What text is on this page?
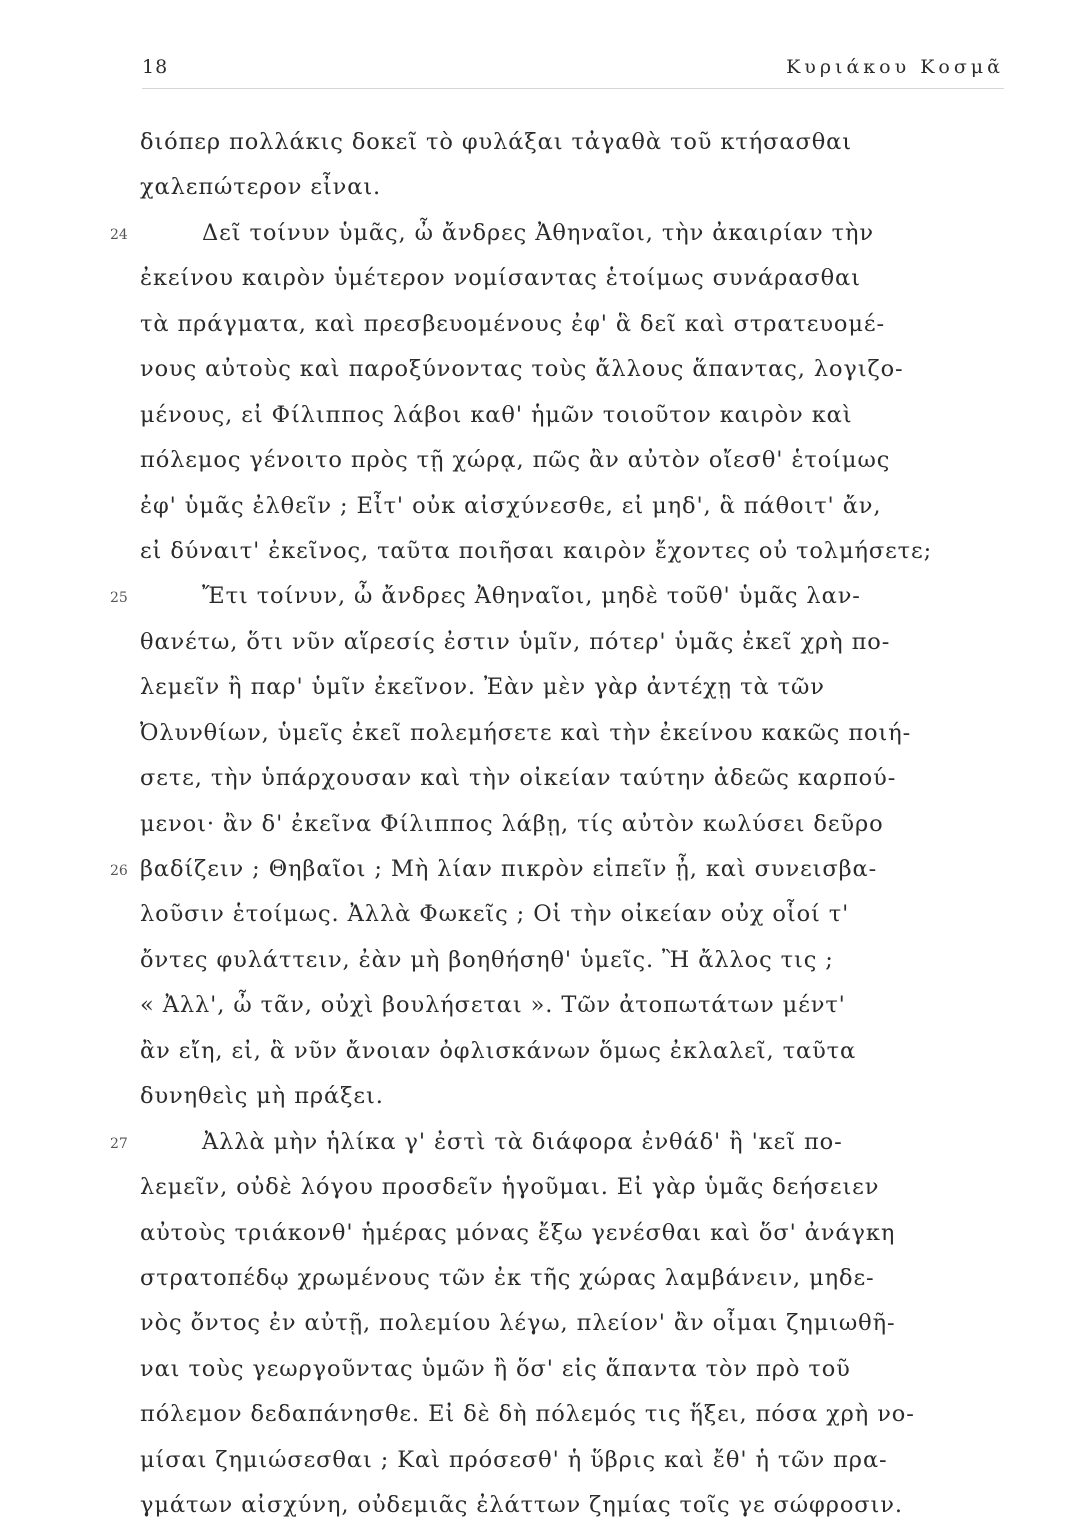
18	Κυριάκου Κοσμᾶ
διόπερ πολλάκις δοκεῖ τὸ φυλάξαι τἀγαθὰ τοῦ κτήσασθαι
χαλεπώτερον εἶναι.
24	Δεῖ τοίνυν ὑμᾶς, ὦ ἄνδρες Ἀθηναῖοι, τὴν ἀκαιρίαν τὴν
ἐκείνου καιρὸν ὑμέτερον νομίσαντας ἑτοίμως συνάρασθαι
τὰ πράγματα, καὶ πρεσβευομένους ἐφ' ἃ δεῖ καὶ στρατευομέ-
νους αὐτοὺς καὶ παροξύνοντας τοὺς ἄλλους ἅπαντας, λογιζο-
μένους, εἰ Φίλιππος λάβοι καθ' ἡμῶν τοιοῦτον καιρὸν καὶ
πόλεμος γένοιτο πρὸς τῇ χώρᾳ, πῶς ἂν αὐτὸν οἴεσθ' ἑτοίμως
ἐφ' ὑμᾶς ἐλθεῖν ; Εἶτ' οὐκ αἰσχύνεσθε, εἰ μηδ', ἃ πάθοιτ' ἄν,
εἰ δύναιτ' ἐκεῖνος, ταῦτα ποιῆσαι καιρὸν ἔχοντες οὐ τολμήσετε;
25	Ἔτι τοίνυν, ὦ ἄνδρες Ἀθηναῖοι, μηδὲ τοῦθ' ὑμᾶς λαν-
θανέτω, ὅτι νῦν αἵρεσίς ἐστιν ὑμῖν, πότερ' ὑμᾶς ἐκεῖ χρὴ πο-
λεμεῖν ἢ παρ' ὑμῖν ἐκεῖνον. Ἐὰν μὲν γὰρ ἀντέχῃ τὰ τῶν
Ὀλυνθίων, ὑμεῖς ἐκεῖ πολεμήσετε καὶ τὴν ἐκείνου κακῶς ποιή-
σετε, τὴν ὑπάρχουσαν καὶ τὴν οἰκείαν ταύτην ἀδεῶς καρπού-
μενοι· ἂν δ' ἐκεῖνα Φίλιππος λάβῃ, τίς αὐτὸν κωλύσει δεῦρο
26 βαδίζειν ; Θηβαῖοι ; Μὴ λίαν πικρὸν εἰπεῖν ᾖ, καὶ συνεισβα-
λοῦσιν ἑτοίμως. Ἀλλὰ Φωκεῖς ; Οἱ τὴν οἰκείαν οὐχ οἷοί τ'
ὄντες φυλάττειν, ἐὰν μὴ βοηθήσηθ' ὑμεῖς. Ἢ ἄλλος τις ;
« Ἀλλ', ὦ τᾶν, οὐχὶ βουλήσεται ». Τῶν ἀτοπωτάτων μέντ'
ἂν εἴη, εἰ, ἃ νῦν ἄνοιαν ὀφλισκάνων ὅμως ἐκλαλεῖ, ταῦτα
δυνηθεὶς μὴ πράξει.
27	Ἀλλὰ μὴν ἡλίκα γ' ἐστὶ τὰ διάφορα ἐνθάδ' ἢ 'κεῖ πο-
λεμεῖν, οὐδὲ λόγου προσδεῖν ἡγοῦμαι. Εἰ γὰρ ὑμᾶς δεήσειεν
αὐτοὺς τριάκονθ' ἡμέρας μόνας ἔξω γενέσθαι καὶ ὅσ' ἀνάγκη
στρατοπέδῳ χρωμένους τῶν ἐκ τῆς χώρας λαμβάνειν, μηδε-
νὸς ὄντος ἐν αὐτῇ, πολεμίου λέγω, πλείον' ἂν οἶμαι ζημιωθῆ-
ναι τοὺς γεωργοῦντας ὑμῶν ἢ ὅσ' εἰς ἅπαντα τὸν πρὸ τοῦ
πόλεμον δεδαπάνησθε. Εἰ δὲ δὴ πόλεμός τις ἥξει, πόσα χρὴ νο-
μίσαι ζημιώσεσθαι ; Καὶ πρόσεσθ' ἡ ὕβρις καὶ ἔθ' ἡ τῶν πρα-
γμάτων αἰσχύνη, οὐδεμιᾶς ἐλάττων ζημίας τοῖς γε σώφροσιν.
